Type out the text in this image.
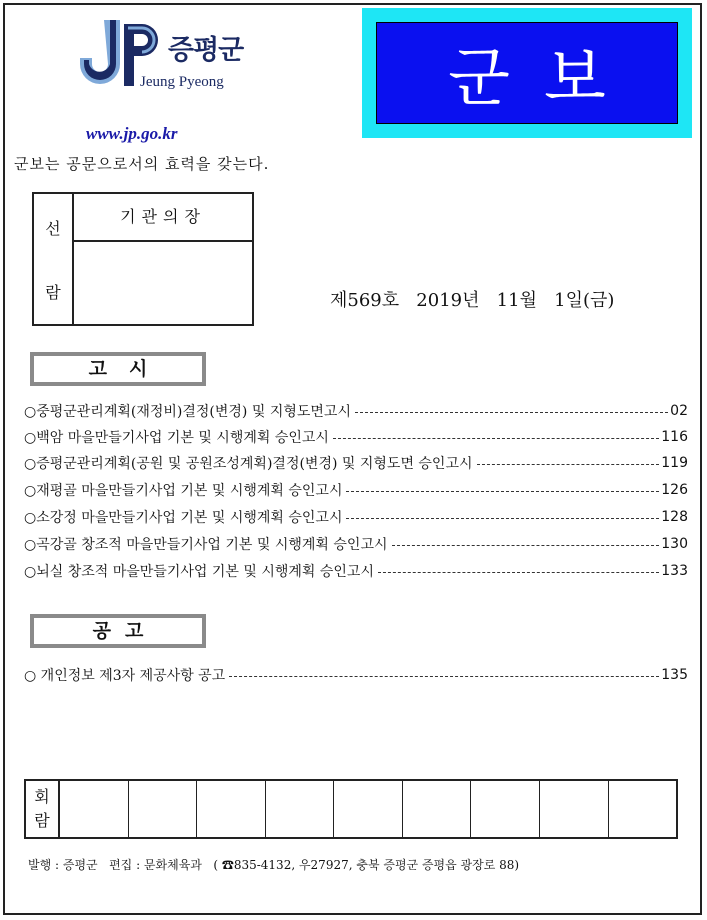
증평군
Jeung Pyeong
www.jp.go.kr
군보는 공문으로서의 효력을 갖는다.
군보
선
람
기관의장
제569호   2019년   11월   1일(금)
고시
○중평군관리계획(재정비)결정(변경) 및 지형도면고시	02
○백암 마을만들기사업 기본 및 시행계획 승인고시	116
○증평군관리계획(공원 및 공원조성계획)결정(변경) 및 지형도면 승인고시	119
○재평골 마을만들기사업 기본 및 시행계획 승인고시	126
○소강정 마을만들기사업 기본 및 시행계획 승인고시	128
○곡강골 창조적 마을만들기사업 기본 및 시행계획 승인고시	130
○뇌실 창조적 마을만들기사업 기본 및 시행계획 승인고시	133
공고
○ 개인정보 제3자 제공사항 공고	135
회
람
발행 : 증평군   편집 : 문화체육과   ( ☎835-4132, 우27927, 충북 증평군 증평읍 광장로 88)
